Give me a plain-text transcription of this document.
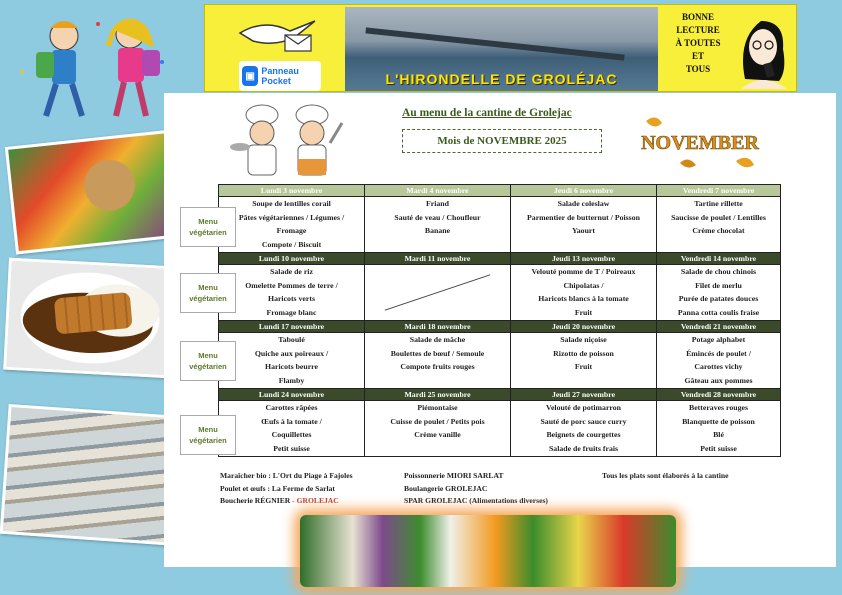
▣ Panneau Pocket	L'HIRONDELLE DE GROLÉJAC
BONNE
LECTURE
À TOUTES
ET
TOUS
Au menu de la cantine de Grolejac
Mois de NOVEMBRE 2025	NOVEMBER
Lundi 3 novembre	Mardi 4 novembre	Jeudi 6 novembre	Vendredi 7 novembre

Soupe de lentilles corail
Pâtes végétariennes / Légumes /
Fromage
Compote / Biscuit	Friand
Sauté de veau / Choufleur
Banane	Salade coleslaw
Parmentier de butternut / Poisson
Yaourt	Tartine rillette
Saucisse de poulet / Lentilles
Crème chocolat

Lundi 10 novembre	Mardi 11 novembre	Jeudi 13 novembre	Vendredi 14 novembre

Salade de riz
Omelette Pommes de terre /
Haricots verts
Fromage blanc		Velouté pomme de T / Poireaux
Chipolatas /
Haricots blancs à la tomate
Fruit	Salade de chou chinois
Filet de merlu
Purée de patates douces
Panna cotta coulis fraise

Lundi 17 novembre	Mardi 18 novembre	Jeudi 20 novembre	Vendredi 21 novembre

Taboulé
Quiche aux poireaux /
Haricots beurre
Flamby	Salade de mâche
Boulettes de bœuf / Semoule
Compote fruits rouges	Salade niçoise
Rizotto de poisson
Fruit	Potage alphabet
Émincés de poulet /
Carottes vichy
Gâteau aux pommes

Lundi 24 novembre	Mardi 25 novembre	Jeudi 27 novembre	Vendredi 28 novembre

Carottes râpées
Œufs à la tomate /
Coquillettes
Petit suisse	Piémontaise
Cuisse de poulet / Petits pois
Crème vanille	Velouté de potimarron
Sauté de porc sauce curry
Beignets de courgettes
Salade de fruits frais	Betteraves rouges
Blanquette de poisson
Blé
Petit suisse
Menu
végétarien
Menu
végétarien
Menu
végétarien
Menu
végétarien
Maraîcher bio : L'Ort du Piage à Fajoles
Poulet et œufs : La Ferme de Sarlat
Boucherie RÉGNIER - GROLEJAC
Poissonnerie MIORI SARLAT
Boulangerie GROLEJAC
SPAR GROLEJAC (Alimentations diverses)
Tous les plats sont élaborés à la cantine
